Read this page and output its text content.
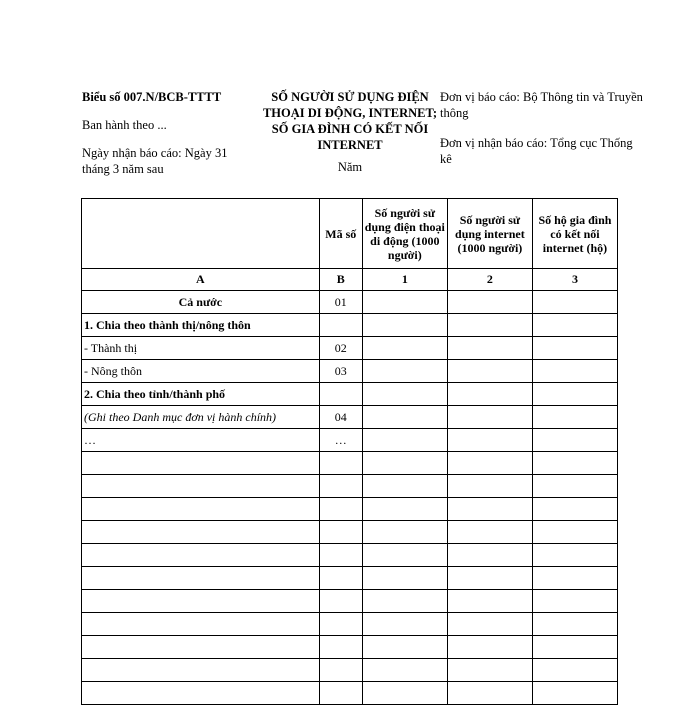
Biểu số 007.N/BCB-TTTT
Ban hành theo ...
Ngày nhận báo cáo: Ngày 31 tháng 3 năm sau
SỐ NGƯỜI SỬ DỤNG ĐIỆN THOẠI DI ĐỘNG, INTERNET; SỐ GIA ĐÌNH CÓ KẾT NỐI INTERNET
Năm
Đơn vị báo cáo: Bộ Thông tin và Truyền thông
Đơn vị nhận báo cáo: Tổng cục Thống kê
	Mã số	Số người sử dụng điện thoại di động (1000 người)	Số người sử dụng internet (1000 người)	Số hộ gia đình có kết nối internet (hộ)
A	B	1	2	3
Cả nước	01			
1. Chia theo thành thị/nông thôn				
- Thành thị	02			
- Nông thôn	03			
2. Chia theo tỉnh/thành phố				
(Ghi theo Danh mục đơn vị hành chính)	04			
…	…			
